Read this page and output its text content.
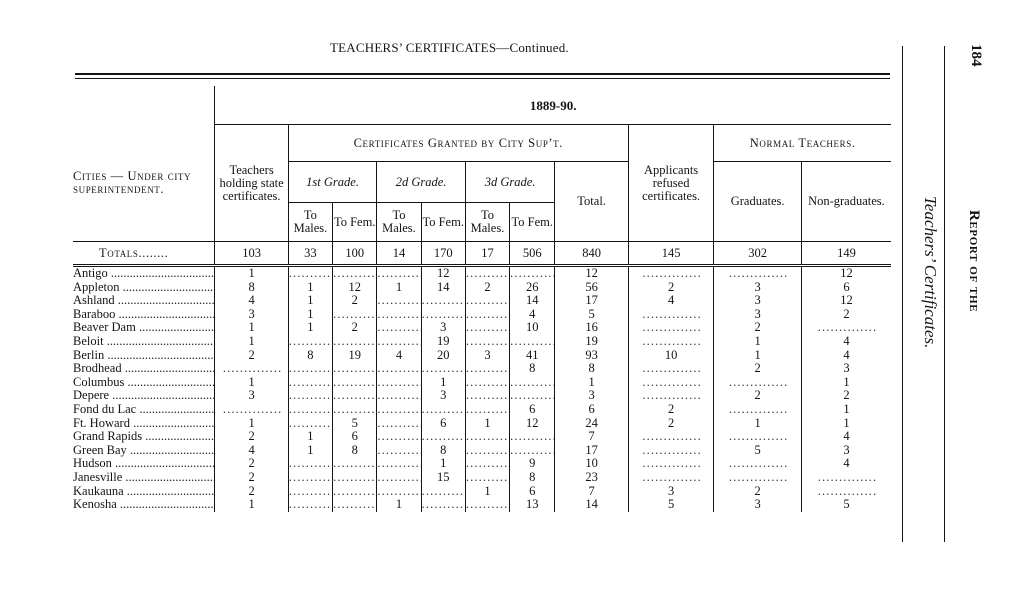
TEACHERS’ CERTIFICATES—Continued.
Teachers’ Certificates. Report of the
184
	1889-90.										
Cities — Under city superintendent.	Teachers holding state certificates.	Certificates Granted by City Sup’t.							Applicants refused certificates.	Normal Teachers.	
		1st Grade.		2d Grade.		3d Grade.		Total.		Graduates.	Non-graduates.
		To Males.	To Fem.	To Males.	To Fem.	To Males.	To Fem.				
Totals........	103	33	100	14	170	17	506	840	145	302	149
Antigo .....	1	. . .	. . .	. . .	12	. . .	. . .	12	. . .	. . .	12
Appleton .....	8	1	12	1	14	2	26	56	2	3	6
Ashland .....	4	1	2	. . .	. . .	. . .	14	17	4	3	12
Baraboo .....	3	1	. . .	. . .	. . .	. . .	4	5	. . .	3	2
Beaver Dam .....	1	1	2	. . .	3	. . .	10	16	. . .	2	. . .
Beloit .....	1	. . .	. . .	. . .	19	. . .	. . .	19	. . .	1	4
Berlin .....	2	8	19	4	20	3	41	93	10	1	4
Brodhead .....	. . .	. . .	. . .	. . .	. . .	. . .	8	8	. . .	2	3
Columbus .....	1	. . .	. . .	. . .	1	. . .	. . .	1	. . .	. . .	1
Depere .....	3	. . .	. . .	. . .	3	. . .	. . .	3	. . .	2	2
Fond du Lac .....	. . .	. . .	. . .	. . .	. . .	. . .	6	6	2	. . .	1
Ft. Howard .....	1	. . .	5	. . .	6	1	12	24	2	1	1
Grand Rapids .....	2	1	6	. . .	. . .	. . .	. . .	7	. . .	. . .	4
Green Bay .....	4	1	8	. . .	8	. . .	. . .	17	. . .	5	3
Hudson .....	2	. . .	. . .	. . .	1	. . .	9	10	. . .	. . .	4
Janesville .....	2	. . .	. . .	. . .	15	. . .	8	23	. . .	. . .	. . .
Kaukauna .....	2	. . .	. . .	. . .	. . .	1	6	7	3	2	. . .
Kenosha .....	1	. . .	. . .	1	. . .	. . .	13	14	5	3	5
